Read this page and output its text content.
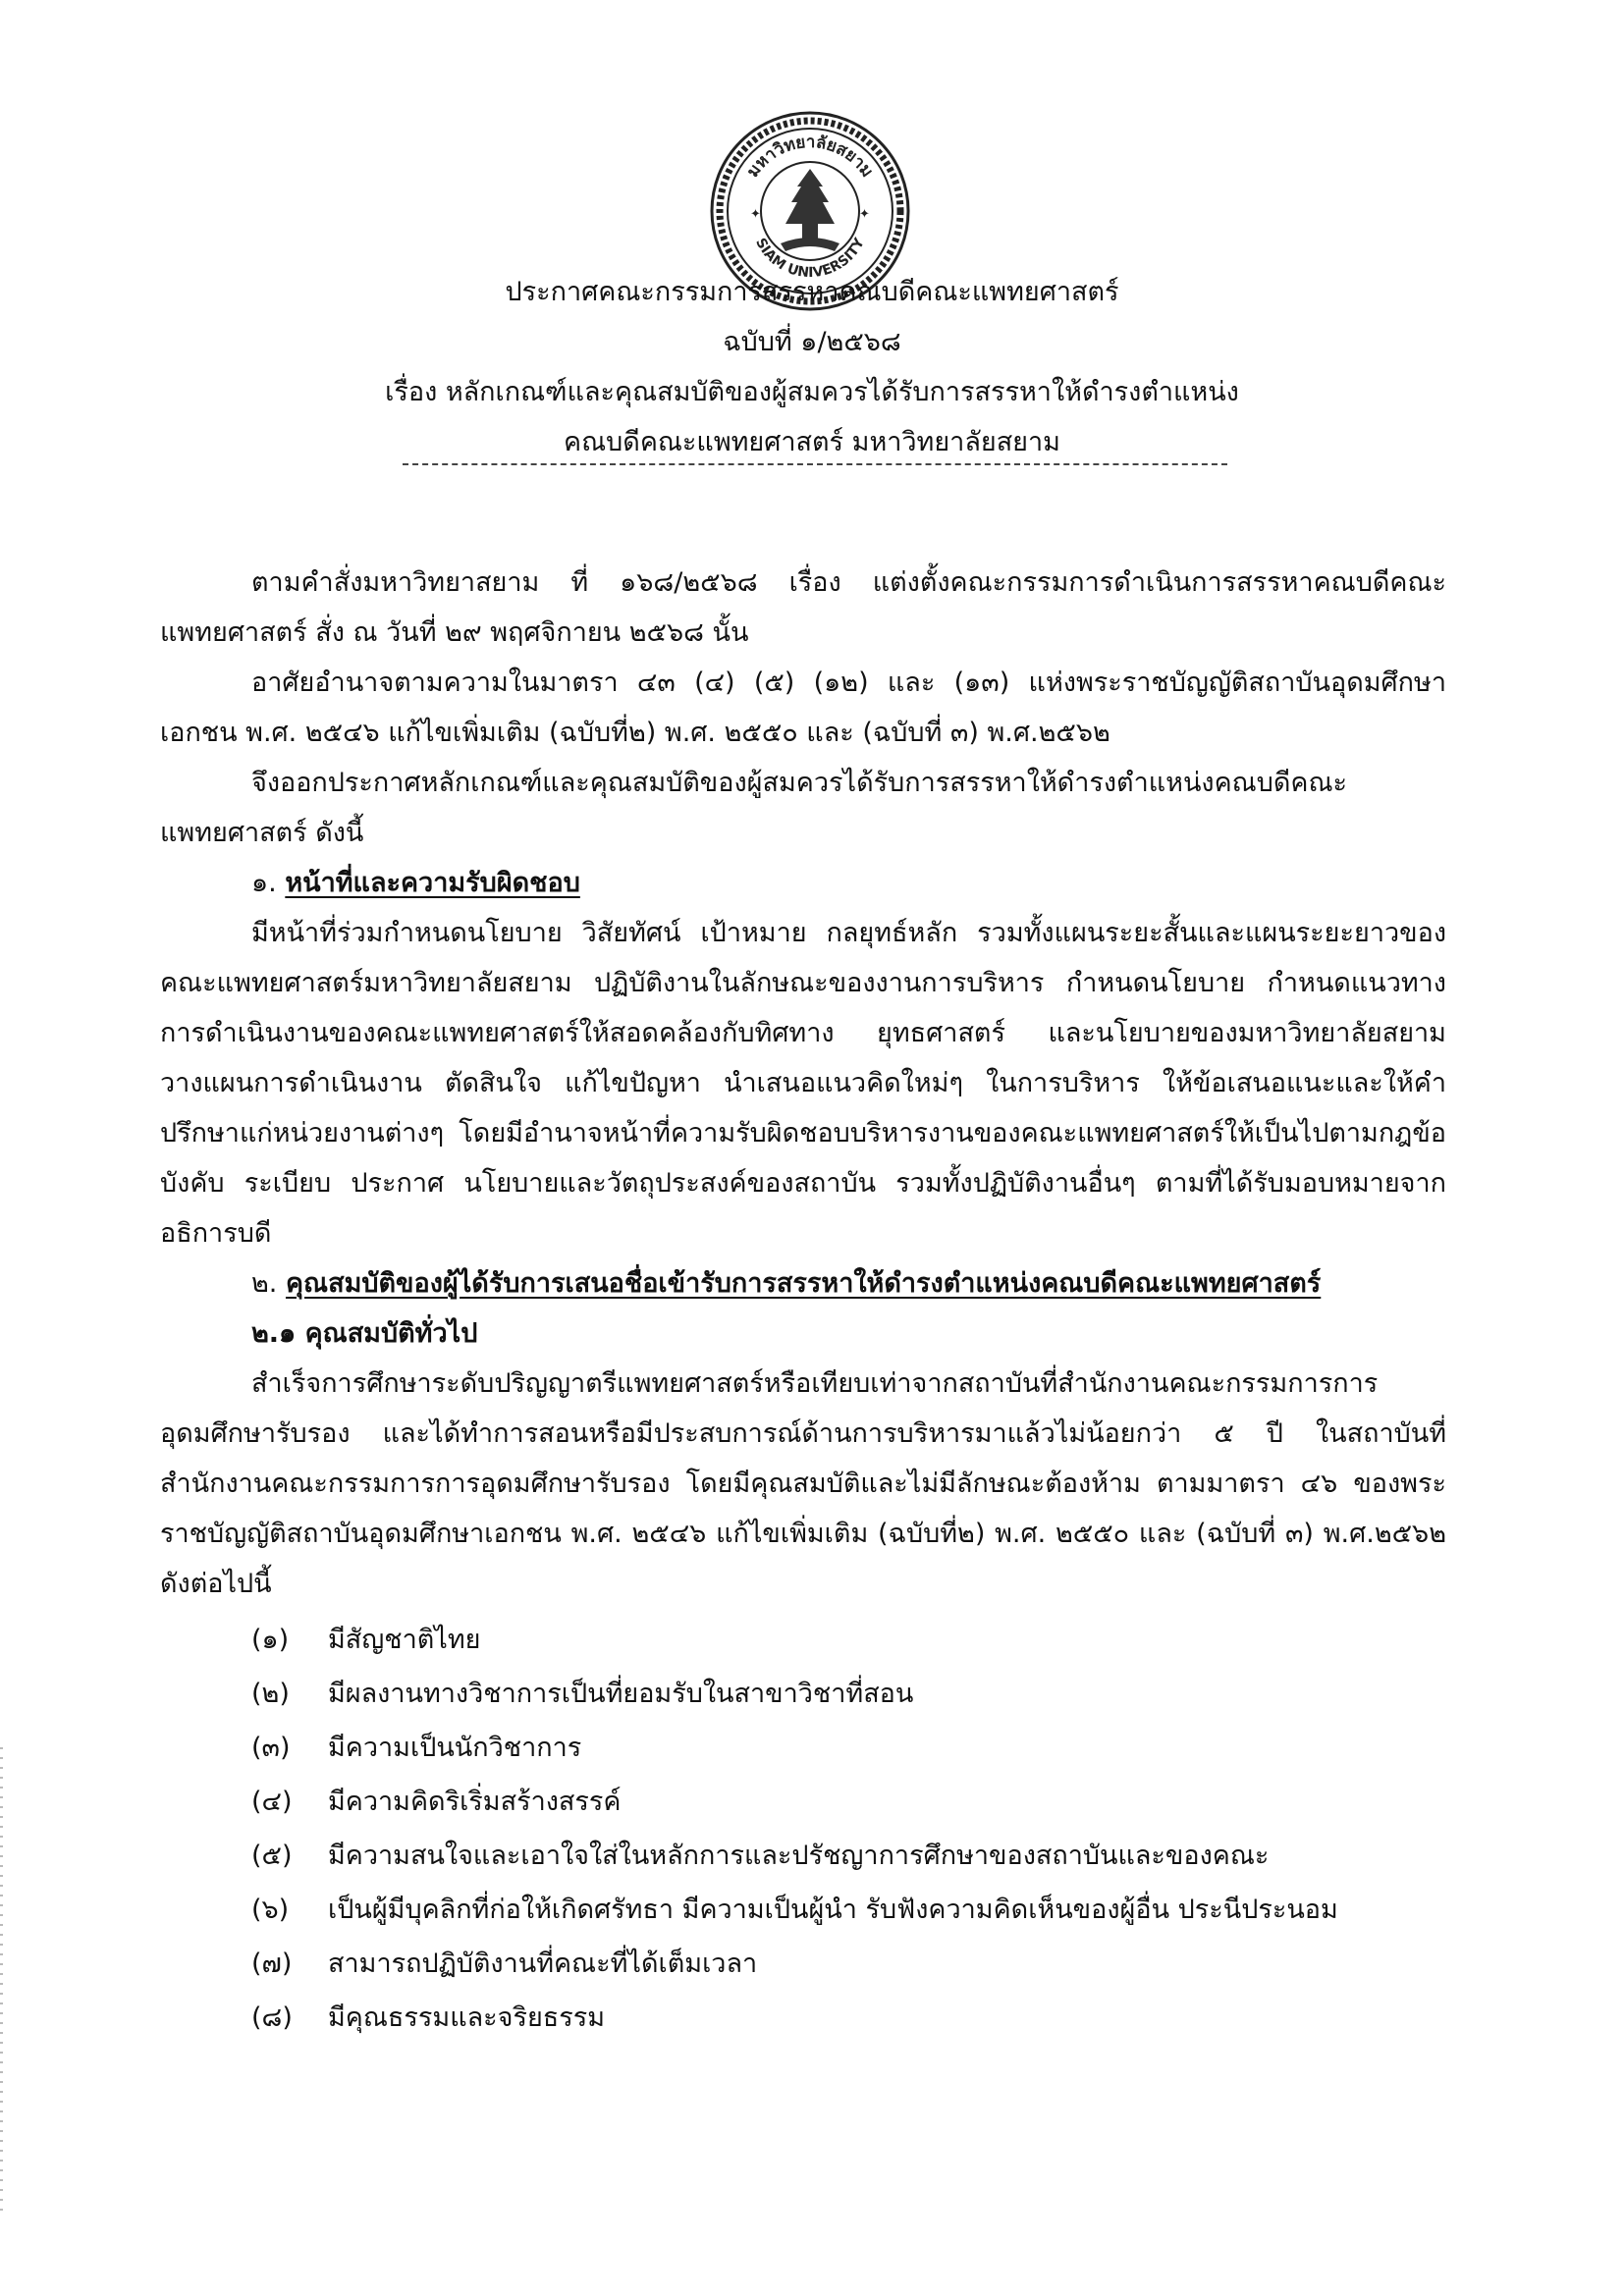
มหาวิทยาลัยสยาม
SIAM UNIVERSITY
✦	✦
ประกาศคณะกรรมการสรรหาคณบดีคณะแพทยศาสตร์
ฉบับที่ ๑/๒๕๖๘
เรื่อง หลักเกณฑ์และคุณสมบัติของผู้สมควรได้รับการสรรหาให้ดำรงตำแหน่ง
คณบดีคณะแพทยศาสตร์ มหาวิทยาลัยสยาม

ตามคำสั่งมหาวิทยาสยาม ที่ ๑๖๘/๒๕๖๘ เรื่อง แต่งตั้งคณะกรรมการดำเนินการสรรหาคณบดีคณะแพทยศาสตร์ สั่ง ณ วันที่ ๒๙ พฤศจิกายน ๒๕๖๘ นั้น

อาศัยอำนาจตามความในมาตรา ๔๓ (๔) (๕) (๑๒) และ (๑๓) แห่งพระราชบัญญัติสถาบันอุดมศึกษาเอกชน พ.ศ. ๒๕๔๖ แก้ไขเพิ่มเติม (ฉบับที่๒) พ.ศ. ๒๕๕๐ และ (ฉบับที่ ๓) พ.ศ.๒๕๖๒

จึงออกประกาศหลักเกณฑ์และคุณสมบัติของผู้สมควรได้รับการสรรหาให้ดำรงตำแหน่งคณบดีคณะแพทยศาสตร์ ดังนี้

๑. หน้าที่และความรับผิดชอบ

มีหน้าที่ร่วมกำหนดนโยบาย วิสัยทัศน์ เป้าหมาย กลยุทธ์หลัก รวมทั้งแผนระยะสั้นและแผนระยะยาวของคณะแพทยศาสตร์มหาวิทยาลัยสยาม ปฏิบัติงานในลักษณะของงานการบริหาร กำหนดนโยบาย กำหนดแนวทางการดำเนินงานของคณะแพทยศาสตร์ให้สอดคล้องกับทิศทาง ยุทธศาสตร์ และนโยบายของมหาวิทยาลัยสยาม วางแผนการดำเนินงาน ตัดสินใจ แก้ไขปัญหา นำเสนอแนวคิดใหม่ๆ ในการบริหาร ให้ข้อเสนอแนะและให้คำปรึกษาแก่หน่วยงานต่างๆ โดยมีอำนาจหน้าที่ความรับผิดชอบบริหารงานของคณะแพทยศาสตร์ให้เป็นไปตามกฎข้อบังคับ ระเบียบ ประกาศ นโยบายและวัตถุประสงค์ของสถาบัน รวมทั้งปฏิบัติงานอื่นๆ ตามที่ได้รับมอบหมายจากอธิการบดี

๒. คุณสมบัติของผู้ได้รับการเสนอชื่อเข้ารับการสรรหาให้ดำรงตำแหน่งคณบดีคณะแพทยศาสตร์

๒.๑ คุณสมบัติทั่วไป

สำเร็จการศึกษาระดับปริญญาตรีแพทยศาสตร์หรือเทียบเท่าจากสถาบันที่สำนักงานคณะกรรมการการอุดมศึกษารับรอง และได้ทำการสอนหรือมีประสบการณ์ด้านการบริหารมาแล้วไม่น้อยกว่า ๕ ปี ในสถาบันที่สำนักงานคณะกรรมการการอุดมศึกษารับรอง โดยมีคุณสมบัติและไม่มีลักษณะต้องห้าม ตามมาตรา ๔๖ ของพระราชบัญญัติสถาบันอุดมศึกษาเอกชน พ.ศ. ๒๕๔๖ แก้ไขเพิ่มเติม (ฉบับที่๒) พ.ศ. ๒๕๕๐ และ (ฉบับที่ ๓) พ.ศ.๒๕๖๒ ดังต่อไปนี้

(๑)	มีสัญชาติไทย
(๒)	มีผลงานทางวิชาการเป็นที่ยอมรับในสาขาวิชาที่สอน
(๓)	มีความเป็นนักวิชาการ
(๔)	มีความคิดริเริ่มสร้างสรรค์
(๕)	มีความสนใจและเอาใจใส่ในหลักการและปรัชญาการศึกษาของสถาบันและของคณะ
(๖)	เป็นผู้มีบุคลิกที่ก่อให้เกิดศรัทธา มีความเป็นผู้นำ รับฟังความคิดเห็นของผู้อื่น ประนีประนอม
(๗)	สามารถปฏิบัติงานที่คณะที่ได้เต็มเวลา
(๘)	มีคุณธรรมและจริยธรรม
